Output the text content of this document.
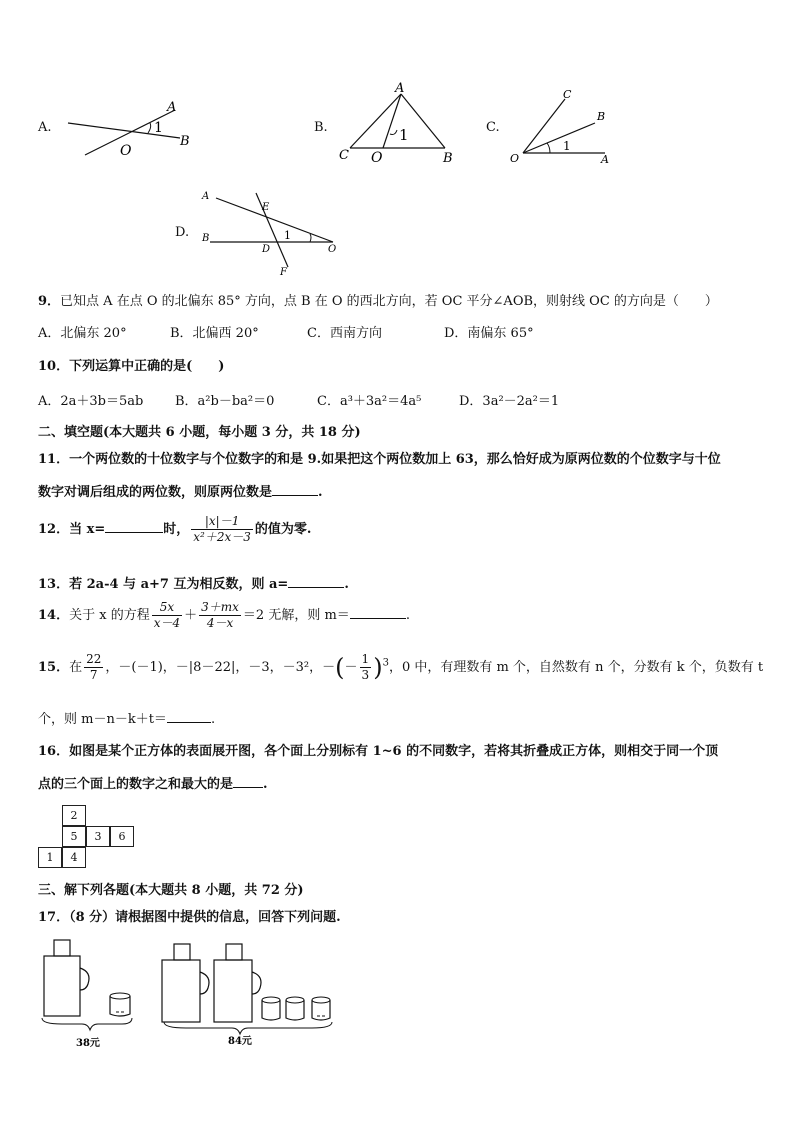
A.
A
B
O
1	B.
A
C O	B
1	C.
C
B
A
O
1
D.
A
E
B
D	O
F
1
9．已知点 A 在点 O 的北偏东 85° 方向，点 B 在 O 的西北方向，若 OC 平分∠AOB，则射线 OC 的方向是（　　）
A．北偏东 20°	B．北偏西 20°	C．西南方向	D．南偏东 65°
10．下列运算中正确的是(　　)
A．2a＋3b＝5ab B．a²b－ba²＝0	C．a³＋3a²＝4a⁵	D．3a²－2a²＝1
二、填空题(本大题共 6 小题，每小题 3 分，共 18 分)
11．一个两位数的十位数字与个位数字的和是 9.如果把这个两位数加上 63，那么恰好成为原两位数的个位数字与十位
数字对调后组成的两位数，则原两位数是	.
12．当 x=	时， $\frac{|x|-1}{\text{x²＋2x－3}}$ 的值为零.
13．若 2a-4 与 a+7 互为相反数，则 a=	.
14．关于 x 的方程 $\frac{5x}{x-4} + \frac{3+mx}{4-x} =2$ 无解，则 m＝	.
15．在 $\frac{22}{7}$ ，－(－1)，－|8－22|，－3，－3²，－(－ $\frac{1}{3} )^3$，0 中，有理数有 m 个，自然数有 n 个，分数有 k 个，负数有 t
个，则 m－n－k＋t＝	.
16．如图是某个正方体的表面展开图，各个面上分别标有 1~6 的不同数字，若将其折叠成正方体，则相交于同一个顶
点的三个面上的数字之和最大的是 .
2
5	3	6
1	4
三、解下列各题(本大题共 8 小题，共 72 分)
17．（8 分）请根据图中提供的信息，回答下列问题.
38元	84元
